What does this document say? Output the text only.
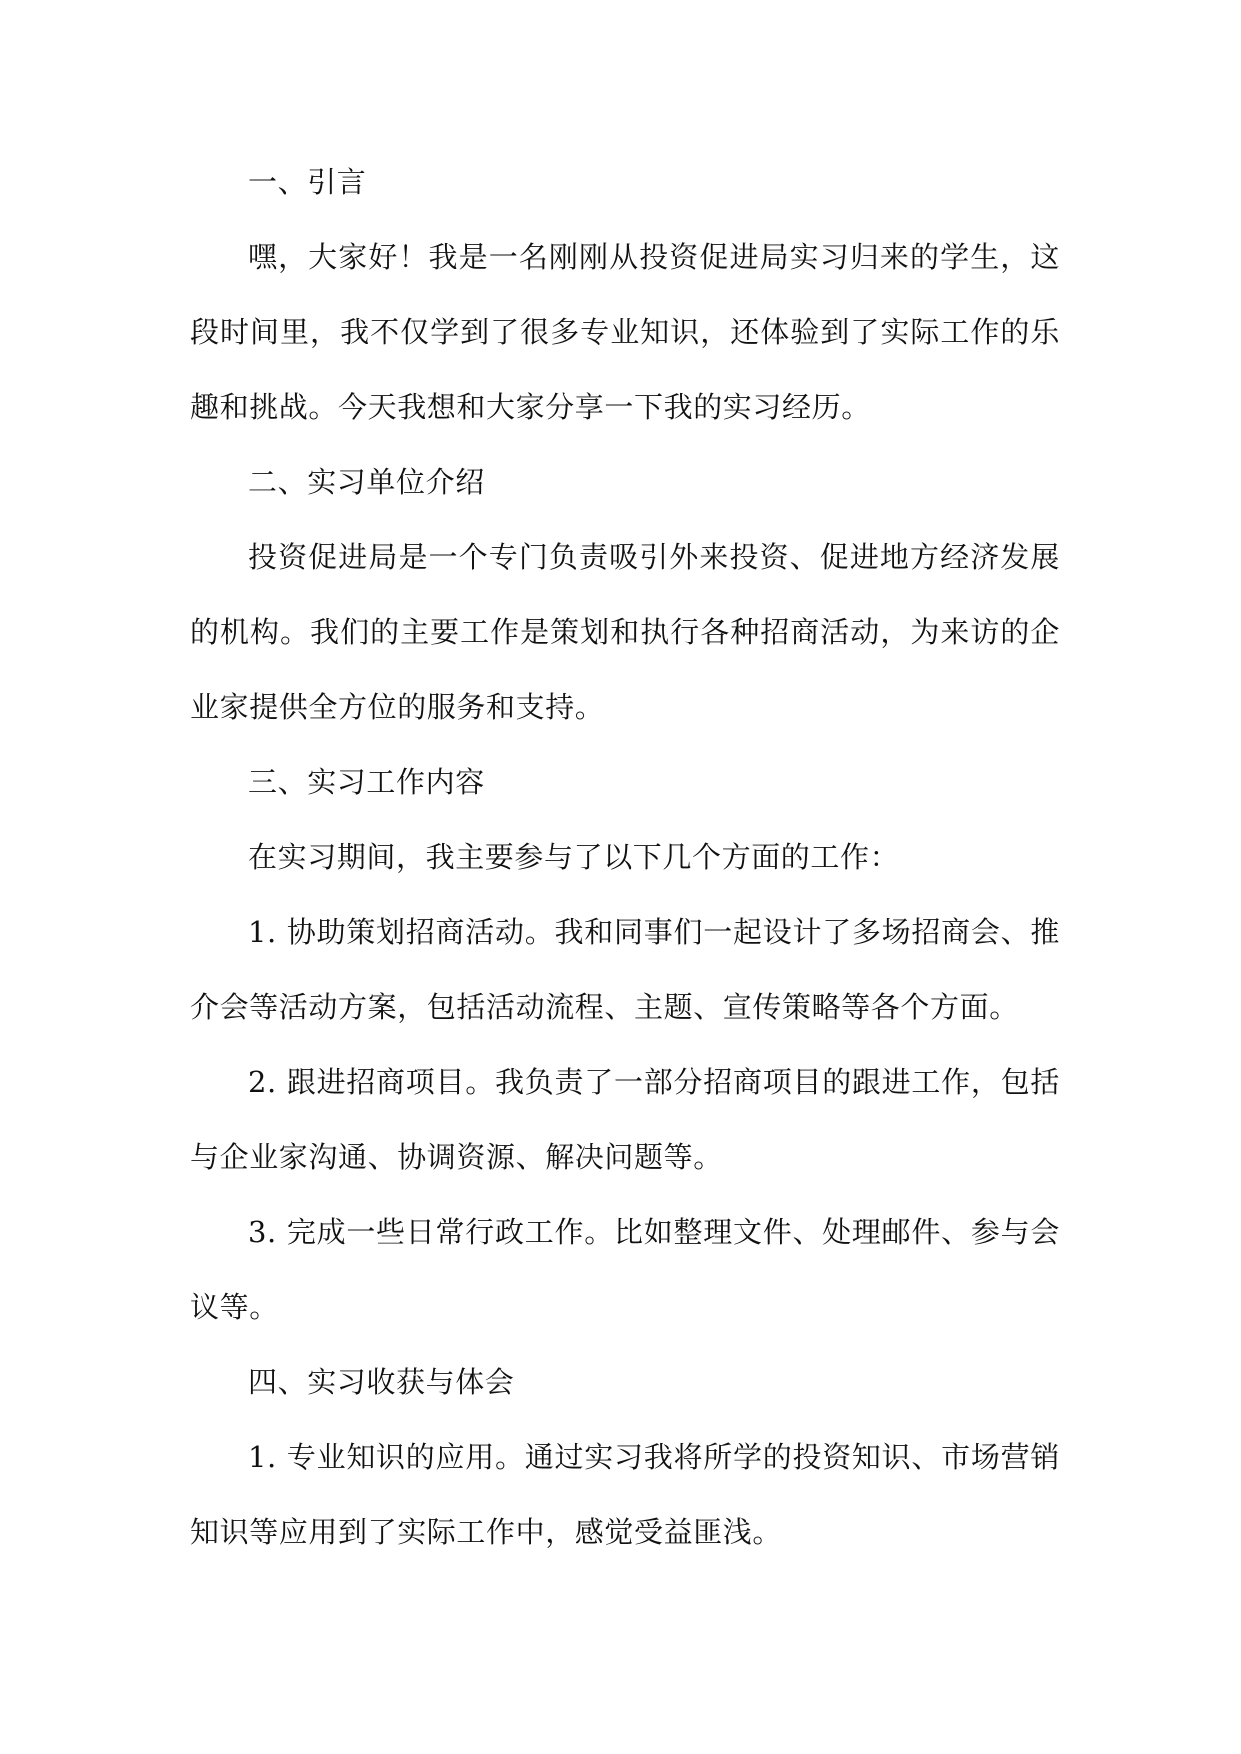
一、引言

嘿，大家好！我是一名刚刚从投资促进局实习归来的学生，这段时间里，我不仅学到了很多专业知识，还体验到了实际工作的乐趣和挑战。今天我想和大家分享一下我的实习经历。

二、实习单位介绍

投资促进局是一个专门负责吸引外来投资、促进地方经济发展的机构。我们的主要工作是策划和执行各种招商活动，为来访的企业家提供全方位的服务和支持。

三、实习工作内容

在实习期间，我主要参与了以下几个方面的工作：

1. 协助策划招商活动。我和同事们一起设计了多场招商会、推介会等活动方案，包括活动流程、主题、宣传策略等各个方面。

2. 跟进招商项目。我负责了一部分招商项目的跟进工作，包括与企业家沟通、协调资源、解决问题等。

3. 完成一些日常行政工作。比如整理文件、处理邮件、参与会议等。

四、实习收获与体会

1. 专业知识的应用。通过实习我将所学的投资知识、市场营销知识等应用到了实际工作中，感觉受益匪浅。
